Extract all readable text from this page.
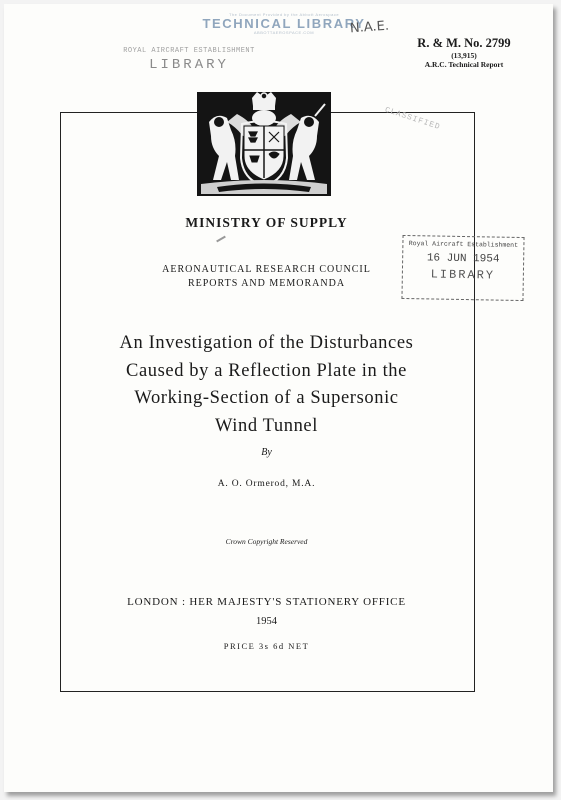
The Document Provided by the Abbott Aerospace
TECHNICAL LIBRARY
ABBOTTAEROSPACE.COM	N.A.E.
ROYAL AIRCRAFT ESTABLISHMENT
LIBRARY
R. & M. No. 2799
(13,915)
A.R.C. Technical Report
CLASSIFIED
Royal Aircraft Establishment
16 JUN 1954
LIBRARY
MINISTRY OF SUPPLY
AERONAUTICAL RESEARCH COUNCIL
REPORTS AND MEMORANDA
An Investigation of the Disturbances
Caused by a Reflection Plate in the
Working-Section of a Supersonic
Wind Tunnel
By
A. O. Ormerod, M.A.
Crown Copyright Reserved
LONDON : HER MAJESTY'S STATIONERY OFFICE
1954
PRICE 3s 6d NET
